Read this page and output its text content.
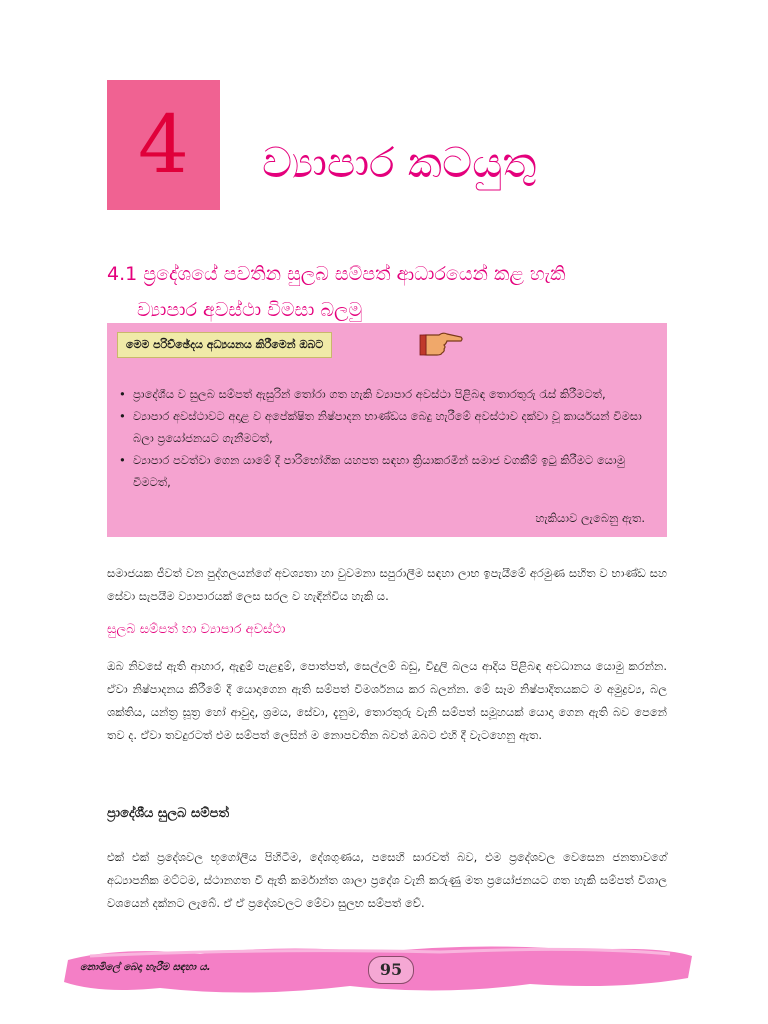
4 ව්‍යාපාර කටයුතු
4.1 ප්‍රදේශයේ පවතින සුලබ සම්පත් ආධාරයෙන් කළ හැකි
ව්‍යාපාර අවස්ථා විමසා බලමු
මෙම පරිච්ඡේදය අධ්‍යයනය කිරීමෙන් ඔබට
• ප්‍රාදේශීය ව සුලබ සම්පත් ඇසුරින් තෝරා ගත හැකි ව්‍යාපාර අවස්ථා පිළිබඳ තොරතුරු රැස් කිරීමටත්,
• ව්‍යාපාර අවස්ථාවට අදාළ ව අපේක්ෂිත නිෂ්පාදන භාණ්ඩය බෙදු හැරීමේ අවස්ථාව දක්වා වූ කාර්යයන් විමසා බලා ප්‍රයෝජනයට ගැනීමටත්,
• ව්‍යාපාර පවත්වා ගෙන යාමේ දී පාරිභෝගික යහපත සඳහා ක්‍රියාකරමින් සමාජ වගකීම් ඉටු කිරීමට යොමු වීමටත්,
හැකියාව ලැබෙනු ඇත.

සමාජයක ජීවත් වන පුද්ගලයන්ගේ අවශ්‍යතා හා වුවමනා සපුරාලීම සඳහා ලාභ ඉපැයීමේ අරමුණ සහිත ව භාණ්ඩ සහ සේවා සැපයීම ව්‍යාපාරයක් ලෙස සරල ව හැඳින්විය හැකි ය.

සුලබ සම්පත් හා ව්‍යාපාර අවස්ථා

ඔබ නිවසේ ඇති ආහාර, ඇඳුම් පැළඳුම්, පොත්පත්, සෙල්ලම් බඩු, විදුලි බලය ආදිය පිළිබඳ අවධානය යොමු කරන්න. ඒවා නිෂ්පාදනය කිරීමේ දී යොදාගෙන ඇති සම්පත් විමර්ශනය කර බලන්න. මේ සෑම නිෂ්පාදිතයකට ම අමුද්‍රව්‍ය, බල ශක්තිය, යන්ත්‍ර සූත්‍ර හෝ ආවුද, ශ්‍රමය, සේවා, දැනුම, තොරතුරු වැනි සම්පත් සමූහයක් යොදා ගෙන ඇති බව පෙනේ තව ද. ඒවා තවදුරටත් එම සම්පත් ලෙසින් ම නොපවතින බවත් ඔබට එහි දී වැටහෙනු ඇත.

ප්‍රාදේශීය සුලබ සම්පත්

එක් එක් ප්‍රදේශවල භූගෝලීය පිහිටීම, දේශගුණය, පසෙහි සාරවත් බව, එම ප්‍රදේශවල වෙසෙන ජනතාවගේ අධ්‍යාපනික මට්ටම, ස්ථානගත වී ඇති කර්මාන්ත ශාලා ප්‍රදේශ වැනි කරුණු මත ප්‍රයෝජනයට ගත හැකි සම්පත් විශාල වශයෙන් දක්නට ලැබේ. ඒ ඒ ප්‍රදේශවලට මේවා සුලභ සම්පත් වේ.

නොමිලේ බෙදා හැරීම සඳහා ය.	95
